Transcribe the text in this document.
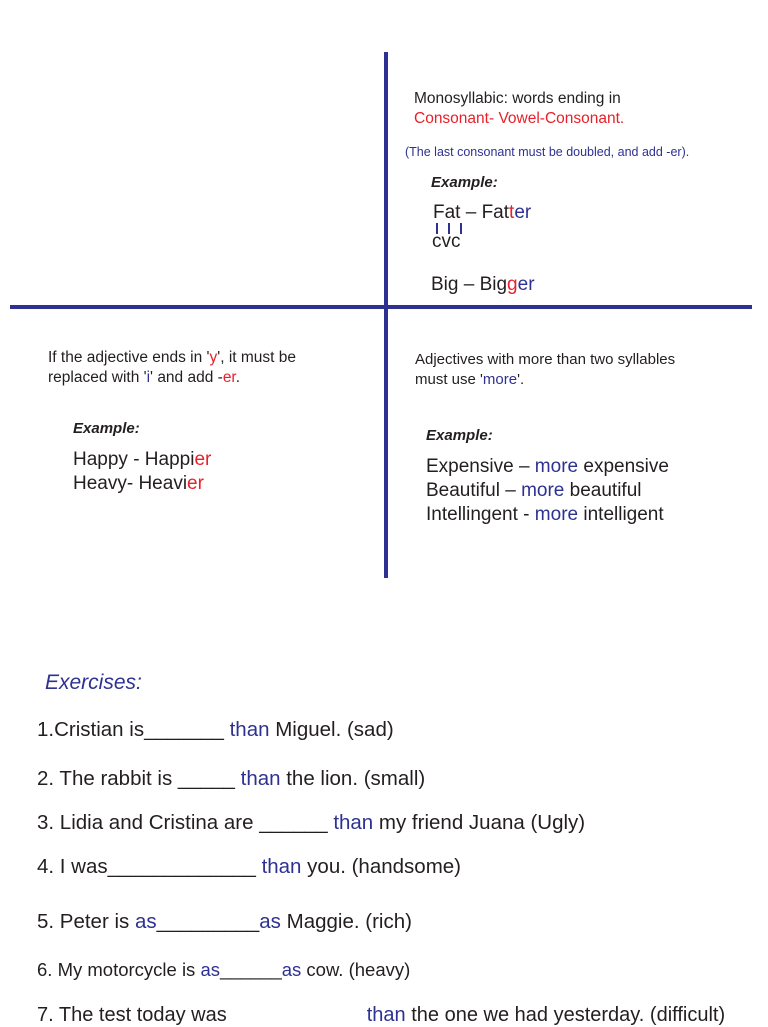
Monosyllabic: words ending in
Consonant- Vowel-Consonant.
(The last consonant must be doubled, and add -er).
Example:
Fat – Fatter
cvc
Big – Bigger
If the adjective ends in 'y', it must be
replaced with 'i' and add -er.
Example:
Happy - Happier
Heavy- Heavier
Adjectives with more than two syllables
must use 'more'.
Example:
Expensive – more expensive
Beautiful – more beautiful
Intellingent - more intelligent
Exercises:
1.Cristian is_______ than Miguel. (sad)
2. The rabbit is _____ than the lion. (small)
3. Lidia and Cristina are ______ than my friend Juana (Ugly)
4. I was_____________ than you. (handsome)
5. Peter is as_________as Maggie. (rich)
6. My motorcycle is as______as cow. (heavy)
7. The test today was	than the one we had yesterday. (difficult)
